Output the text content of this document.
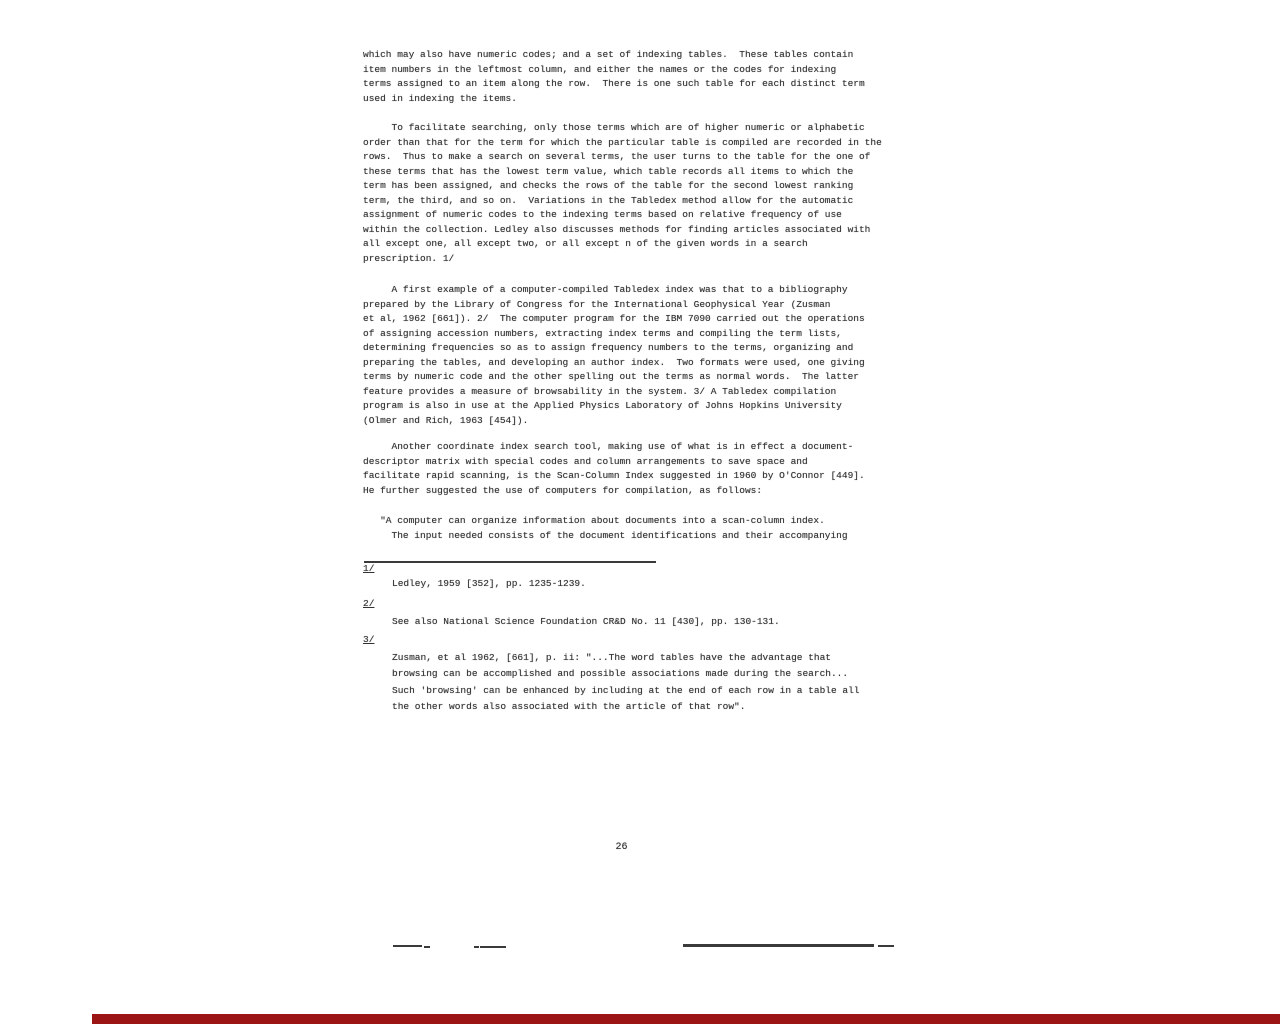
which may also have numeric codes; and a set of indexing tables.  These tables contain
item numbers in the leftmost column, and either the names or the codes for indexing
terms assigned to an item along the row.  There is one such table for each distinct term
used in indexing the items.
To facilitate searching, only those terms which are of higher numeric or alphabetic
order than that for the term for which the particular table is compiled are recorded in the
rows.  Thus to make a search on several terms, the user turns to the table for the one of
these terms that has the lowest term value, which table records all items to which the
term has been assigned, and checks the rows of the table for the second lowest ranking
term, the third, and so on.  Variations in the Tabledex method allow for the automatic
assignment of numeric codes to the indexing terms based on relative frequency of use
within the collection. Ledley also discusses methods for finding articles associated with
all except one, all except two, or all except n of the given words in a search
prescription. 1/
A first example of a computer-compiled Tabledex index was that to a bibliography
prepared by the Library of Congress for the International Geophysical Year (Zusman
et al, 1962 [661]). 2/  The computer program for the IBM 7090 carried out the operations
of assigning accession numbers, extracting index terms and compiling the term lists,
determining frequencies so as to assign frequency numbers to the terms, organizing and
preparing the tables, and developing an author index.  Two formats were used, one giving
terms by numeric code and the other spelling out the terms as normal words.  The latter
feature provides a measure of browsability in the system. 3/ A Tabledex compilation
program is also in use at the Applied Physics Laboratory of Johns Hopkins University
(Olmer and Rich, 1963 [454]).
Another coordinate index search tool, making use of what is in effect a document-
descriptor matrix with special codes and column arrangements to save space and
facilitate rapid scanning, is the Scan-Column Index suggested in 1960 by O'Connor [449].
He further suggested the use of computers for compilation, as follows:
"A computer can organize information about documents into a scan-column index.
The input needed consists of the document identifications and their accompanying
1/
Ledley, 1959 [352], pp. 1235-1239.
2/
See also National Science Foundation CR&D No. 11 [430], pp. 130-131.
3/
Zusman, et al 1962, [661], p. ii: "...The word tables have the advantage that
browsing can be accomplished and possible associations made during the search...
Such 'browsing' can be enhanced by including at the end of each row in a table all
the other words also associated with the article of that row".
26
